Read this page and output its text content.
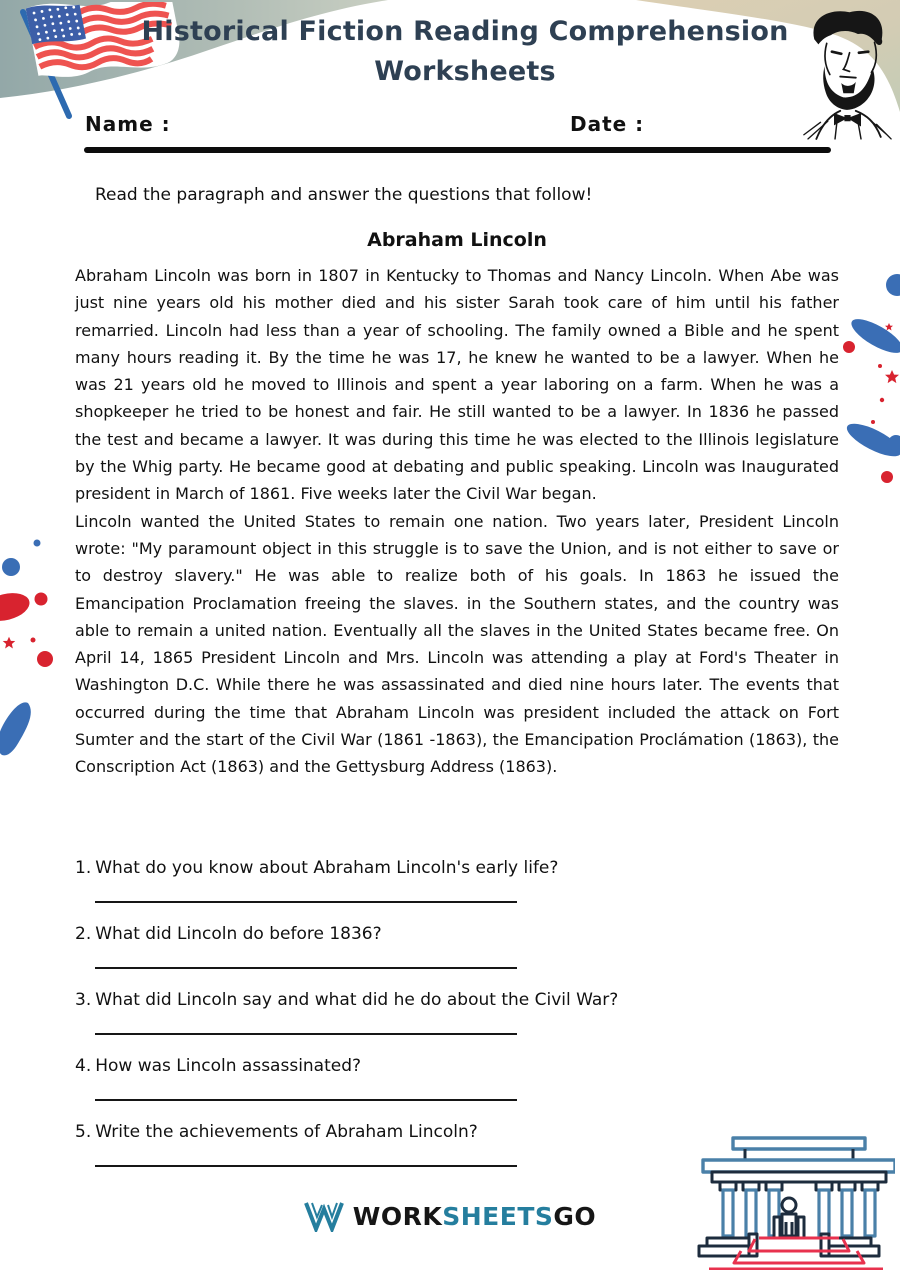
Historical Fiction Reading Comprehension Worksheets
Name :	Date :

Read the paragraph and answer the questions that follow!

Abraham Lincoln

Abraham Lincoln was born in 1807 in Kentucky to Thomas and Nancy Lincoln. When Abe was just nine years old his mother died and his sister Sarah took care of him until his father remarried. Lincoln had less than a year of schooling. The family owned a Bible and he spent many hours reading it. By the time he was 17, he knew he wanted to be a lawyer. When he was 21 years old he moved to Illinois and spent a year laboring on a farm. When he was a shopkeeper he tried to be honest and fair. He still wanted to be a lawyer. In 1836 he passed the test and became a lawyer. It was during this time he was elected to the Illinois legislature by the Whig party. He became good at debating and public speaking. Lincoln was Inaugurated president in March of 1861. Five weeks later the Civil War began.

Lincoln wanted the United States to remain one nation. Two years later, President Lincoln wrote: "My paramount object in this struggle is to save the Union, and is not either to save or to destroy slavery." He was able to realize both of his goals. In 1863 he issued the Emancipation Proclamation freeing the slaves. in the Southern states, and the country was able to remain a united nation. Eventually all the slaves in the United States became free. On April 14, 1865 President Lincoln and Mrs. Lincoln was attending a play at Ford's Theater in Washington D.C. While there he was assassinated and died nine hours later. The events that occurred during the time that Abraham Lincoln was president included the attack on Fort Sumter and the start of the Civil War (1861 -1863), the Emancipation Proclámation (1863), the Conscription Act (1863) and the Gettysburg Address (1863).

1. What do you know about Abraham Lincoln's early life?

2. What did Lincoln do before 1836?

3. What did Lincoln say and what did he do about the Civil War?

4. How was Lincoln assassinated?

5. Write the achievements of Abraham Lincoln?

WORKSHEETSGO
